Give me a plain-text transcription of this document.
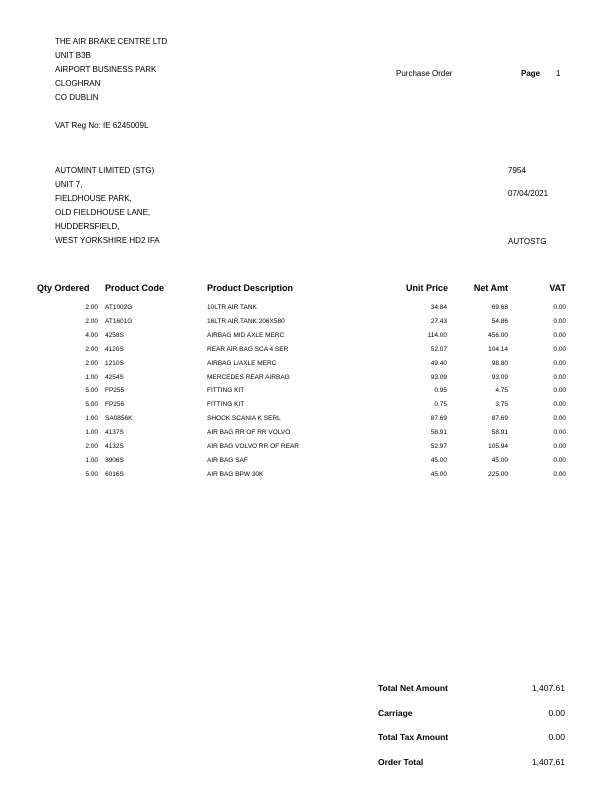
THE AIR BRAKE CENTRE LTD
UNIT B3B
AIRPORT BUSINESS PARK
CLOGHRAN
CO DUBLIN
VAT Reg No: IE 6245009L
Purchase Order	Page 1
AUTOMINT LIMITED (STG)
UNIT 7,
FIELDHOUSE PARK,
OLD FIELDHOUSE LANE,
HUDDERSFIELD,
WEST YORKSHIRE HD2 IFA
7954
07/04/2021
AUTOSTG
Qty Ordered Product Code	Product Description	Unit Price	Net Amt	VAT
2.00 AT1002G	10LTR AIR TANK	34.84	69.68	0.00
2.00 AT1601G	16LTR AIR TANK 206X580	27.43	54.86	0.00
4.00 4258S	AIRBAG MID AXLE MERC	114.00	456.00	0.00
2.00 4120S	REAR AIR BAG SCA 4 SER	52.07	104.14	0.00
2.00 1210S	AIRBAG L/AXLE MERC	49.40	98.80	0.00
1.00 4254S	MERCEDES REAR AIRBAG	93.09	93.09	0.00
5.00 FP255	FITTING KIT	0.95	4.75	0.00
5.00 FP256	FITTING KIT	0.75	3.75	0.00
1.00 SA0856K	SHOCK SCANIA K SERL	87.69	87.69	0.00
1.00 4137S	AIR BAG RR OF RR VOLVO	58.91	58.91	0.00
2.00 4132S	AIR BAG VOLVO RR OF REAR	52.97	105.94	0.00
1.00 3906S	AIR BAG SAF	45.00	45.00	0.00
5.00 6016S	AIR BAG BPW 30K	45.00	225.00	0.00
Total Net Amount	1,407.61
Carriage	0.00
Total Tax Amount	0.00
Order Total	1,407.61
